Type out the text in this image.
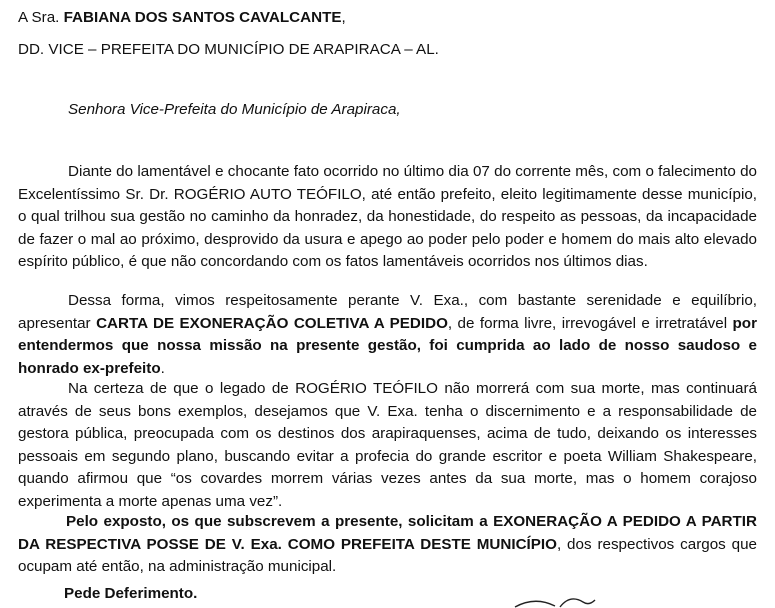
A Sra. FABIANA DOS SANTOS CAVALCANTE,
DD. VICE – PREFEITA DO MUNICÍPIO DE ARAPIRACA – AL.
Senhora Vice-Prefeita do Município de Arapiraca,
Diante do lamentável e chocante fato ocorrido no último dia 07 do corrente mês, com o falecimento do Excelentíssimo Sr. Dr. ROGÉRIO AUTO TEÓFILO, até então prefeito, eleito legitimamente desse município, o qual trilhou sua gestão no caminho da honradez, da honestidade, do respeito as pessoas, da incapacidade de fazer o mal ao próximo, desprovido da usura e apego ao poder pelo poder e homem do mais alto elevado espírito público, é que não concordando com os fatos lamentáveis ocorridos nos últimos dias.
Dessa forma, vimos respeitosamente perante V. Exa., com bastante serenidade e equilíbrio, apresentar CARTA DE EXONERAÇÃO COLETIVA A PEDIDO, de forma livre, irrevogável e irretratável por entendermos que nossa missão na presente gestão, foi cumprida ao lado de nosso saudoso e honrado ex-prefeito.
Na certeza de que o legado de ROGÉRIO TEÓFILO não morrerá com sua morte, mas continuará através de seus bons exemplos, desejamos que V. Exa. tenha o discernimento e a responsabilidade de gestora pública, preocupada com os destinos dos arapiraquenses, acima de tudo, deixando os interesses pessoais em segundo plano, buscando evitar a profecia do grande escritor e poeta William Shakespeare, quando afirmou que “os covardes morrem várias vezes antes da sua morte, mas o homem corajoso experimenta a morte apenas uma vez”.
Pelo exposto, os que subscrevem a presente, solicitam a EXONERAÇÃO A PEDIDO A PARTIR DA RESPECTIVA POSSE DE V. Exa. COMO PREFEITA DESTE MUNICÍPIO, dos respectivos cargos que ocupam até então, na administração municipal.
Pede Deferimento.
